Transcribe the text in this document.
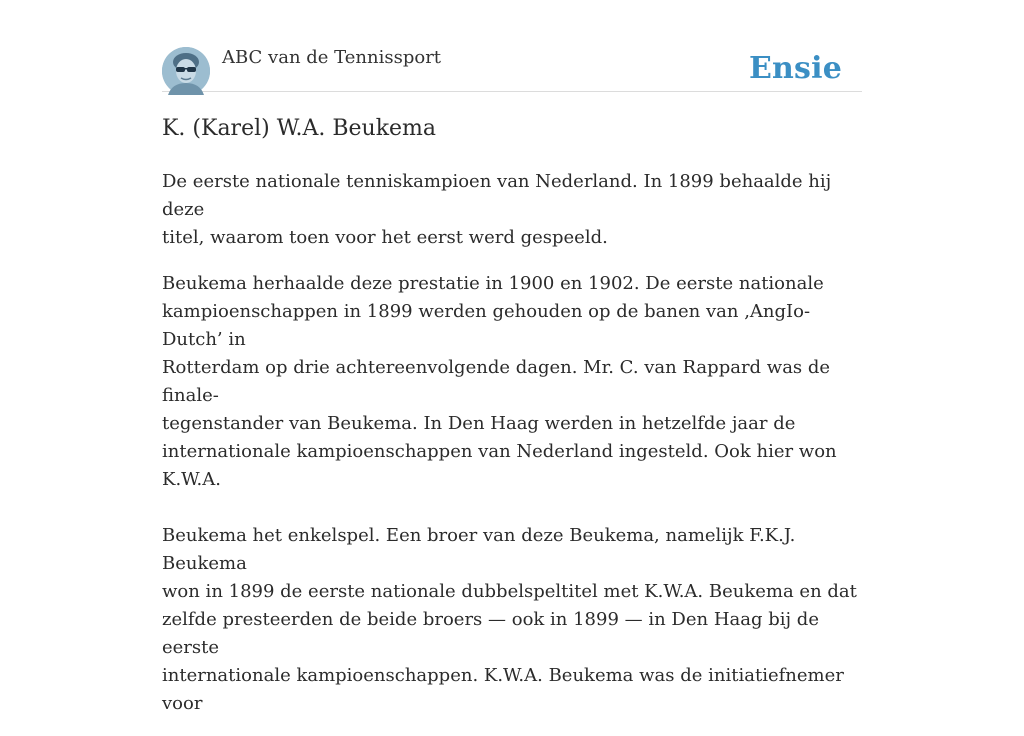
ABC van de Tennissport	Ensie
K. (Karel) W.A. Beukema

De eerste nationale tenniskampioen van Nederland. In 1899 behaalde hij deze
titel, waarom toen voor het eerst werd gespeeld.

Beukema herhaalde deze prestatie in 1900 en 1902. De eerste nationale
kampioenschappen in 1899 werden gehouden op de banen van ‚AngIo- Dutch’ in
Rotterdam op drie achtereenvolgende dagen. Mr. C. van Rappard was de finale-
tegenstander van Beukema. In Den Haag werden in hetzelfde jaar de
internationale kampioenschappen van Nederland ingesteld. Ook hier won K.W.A.

Beukema het enkelspel. Een broer van deze Beukema, namelijk F.K.J. Beukema
won in 1899 de eerste nationale dubbelspeltitel met K.W.A. Beukema en dat
zelfde presteerden de beide broers — ook in 1899 — in Den Haag bij de eerste
internationale kampioenschappen. K.W.A. Beukema was de initiatiefnemer voor
